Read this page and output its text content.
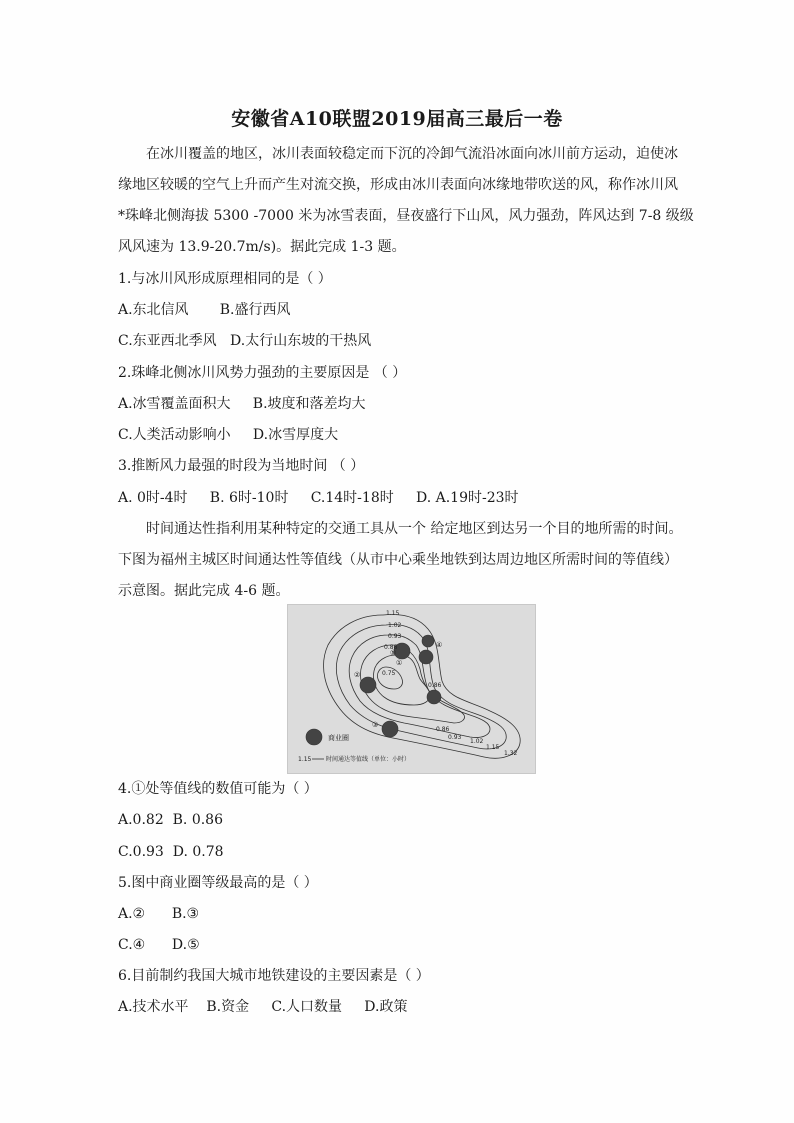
安徽省A10联盟2019届高三最后一卷
在冰川覆盖的地区，冰川表面较稳定而下沉的冷卸气流沿冰面向冰川前方运动，迫使冰
缘地区较暖的空气上升而产生对流交换，形成由冰川表面向冰缘地带吹送的风，称作冰川风
*珠峰北侧海拔 5300 -7000 米为冰雪表面，昼夜盛行下山风，风力强劲，阵风达到 7-8 级级
风风速为 13.9-20.7m/s)。据此完成 1-3 题。
1.与冰川风形成原理相同的是（ ）
A.东北信风       B.盛行西风
C.东亚西北季风   D.太行山东坡的干热风
2.珠峰北侧冰川风势力强劲的主要原因是 （ ）
A.冰雪覆盖面积大     B.坡度和落差均大
C.人类活动影响小     D.冰雪厚度大
3.推断风力最强的时段为当地时间 （ ）
A. 0时-4时     B. 6时-10时     C.14时-18时     D. A.19时-23时
时间通达性指利用某种特定的交通工具从一个 给定地区到达另一个目的地所需的时间。
下图为福州主城区时间通达性等值线（从市中心乘坐地铁到达周边地区所需时间的等值线）
示意图。据此完成 4-6 题。
1.15
1.02
0.93
0.86
0.75
0.86
0.86
0.93
1.02
1.15
1.32
①
②
③
④
⑤
商业圈
1.15 时间通达等值线（单位：小时）
4.①处等值线的数值可能为（ ）
A.0.82  B. 0.86
C.0.93  D. 0.78
5.图中商业圈等级最高的是（ ）
A.②      B.③
C.④      D.⑤
6.目前制约我国大城市地铁建设的主要因素是（ ）
A.技术水平    B.资金     C.人口数量     D.政策
